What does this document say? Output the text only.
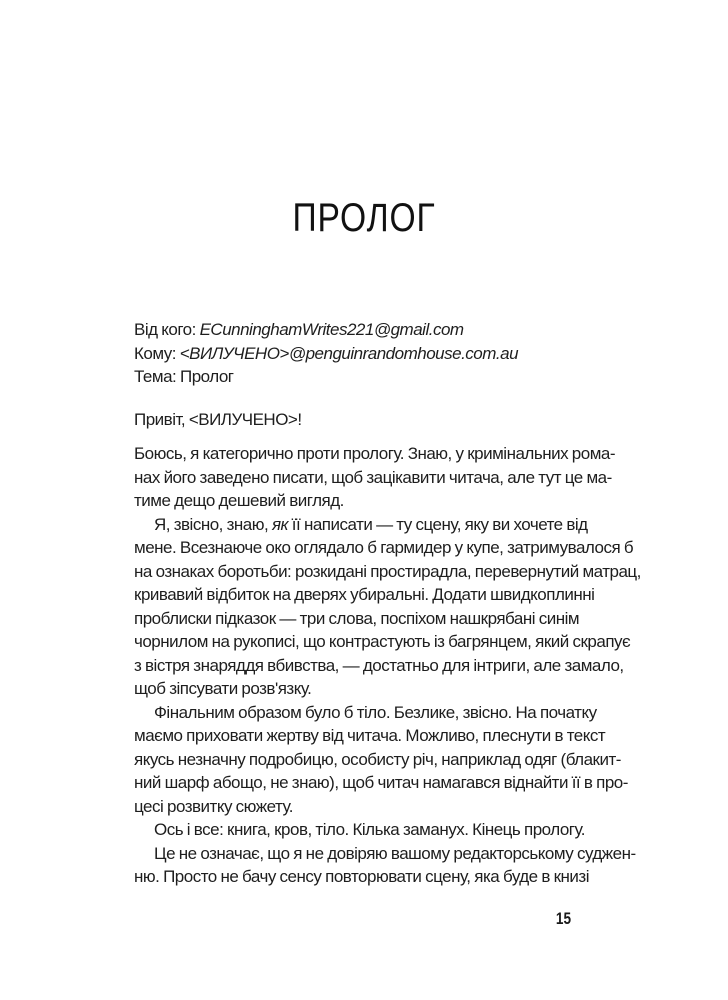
ПРОЛОГ
Від кого: ECunninghamWrites221@gmail.com
Кому: <ВИЛУЧЕНО>@penguinrandomhouse.com.au
Тема: Пролог
Привіт, <ВИЛУЧЕНО>!
Боюсь, я категорично проти прологу. Знаю, у кримінальних рома-
нах його заведено писати, щоб зацікавити читача, але тут це ма-
тиме дещо дешевий вигляд.
Я, звісно, знаю, як її написати — ту сцену, яку ви хочете від
мене. Всезнаюче око оглядало б гармидер у купе, затримувалося б
на ознаках боротьби: розкидані простирадла, перевернутий матрац,
кривавий відбиток на дверях убиральні. Додати швидкоплинні
проблиски підказок — три слова, поспіхом нашкрябані синім
чорнилом на рукописі, що контрастують із багрянцем, який скрапує
з вістря знаряддя вбивства, — достатньо для інтриги, але замало,
щоб зіпсувати розв'язку.
Фінальним образом було б тіло. Безлике, звісно. На початку
маємо приховати жертву від читача. Можливо, плеснути в текст
якусь незначну подробицю, особисту річ, наприклад одяг (блакит-
ний шарф абощо, не знаю), щоб читач намагався віднайти її в про-
цесі розвитку сюжету.
Ось і все: книга, кров, тіло. Кілька заманух. Кінець прологу.
Це не означає, що я не довіряю вашому редакторському суджен-
ню. Просто не бачу сенсу повторювати сцену, яка буде в книзі
15
